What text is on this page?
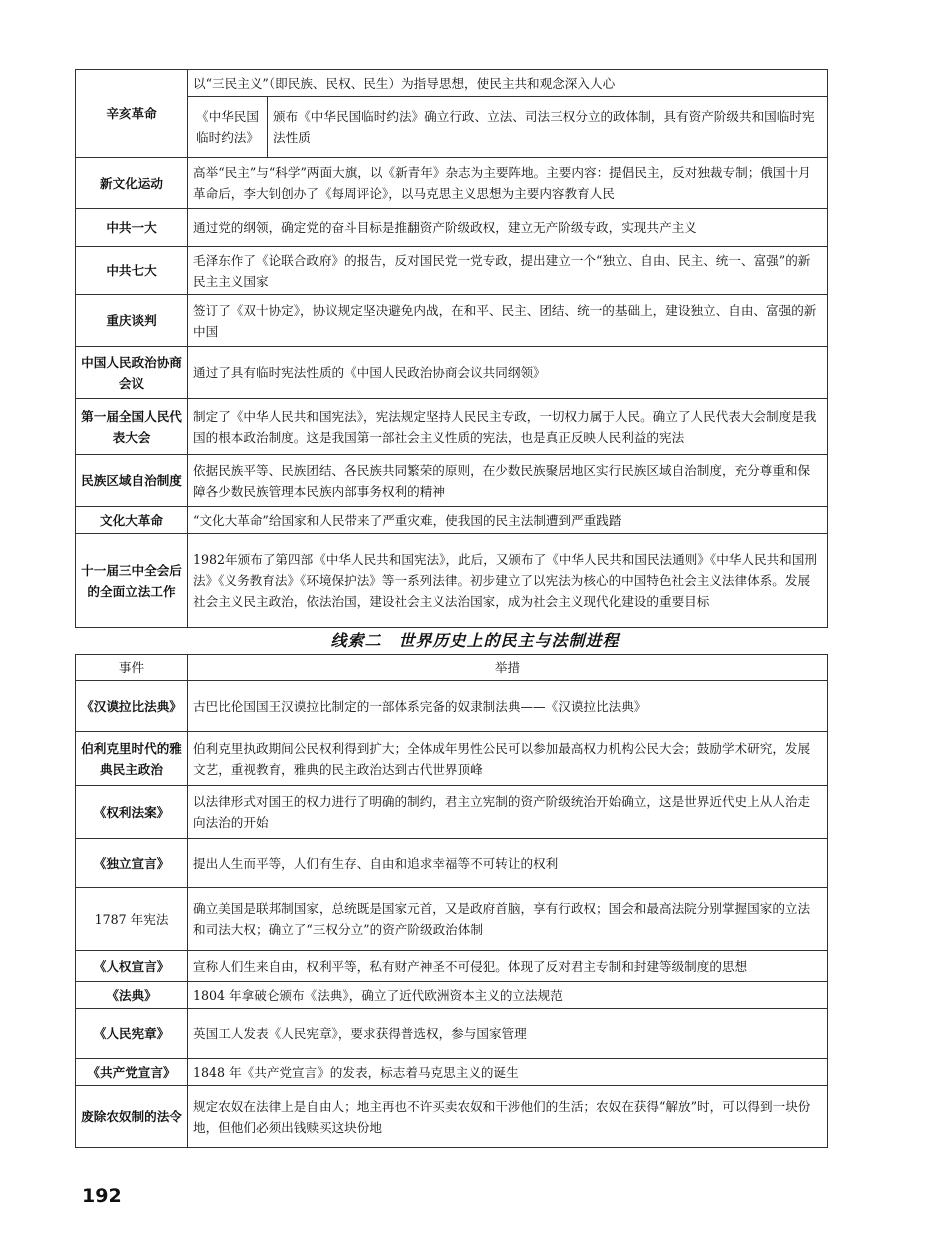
辛亥革命	以“三民主义”（即民族、民权、民生）为指导思想，使民主共和观念深入人心	
	《中华民国临时约法》	颁布《中华民国临时约法》确立行政、立法、司法三权分立的政体制，具有资产阶级共和国临时宪法性质
新文化运动	高举“民主”与“科学”两面大旗，以《新青年》杂志为主要阵地。主要内容：提倡民主，反对独裁专制；俄国十月革命后，李大钊创办了《每周评论》，以马克思主义思想为主要内容教育人民	
中共一大	通过党的纲领，确定党的奋斗目标是推翻资产阶级政权，建立无产阶级专政，实现共产主义	
中共七大	毛泽东作了《论联合政府》的报告，反对国民党一党专政，提出建立一个“独立、自由、民主、统一、富强”的新民主主义国家	
重庆谈判	签订了《双十协定》，协议规定坚决避免内战，在和平、民主、团结、统一的基础上，建设独立、自由、富强的新中国	
中国人民政治协商会议	通过了具有临时宪法性质的《中国人民政治协商会议共同纲领》	
第一届全国人民代表大会	制定了《中华人民共和国宪法》，宪法规定坚持人民民主专政，一切权力属于人民。确立了人民代表大会制度是我国的根本政治制度。这是我国第一部社会主义性质的宪法，也是真正反映人民利益的宪法	
民族区域自治制度	依据民族平等、民族团结、各民族共同繁荣的原则，在少数民族聚居地区实行民族区域自治制度，充分尊重和保障各少数民族管理本民族内部事务权利的精神	
文化大革命	“文化大革命”给国家和人民带来了严重灾难，使我国的民主法制遭到严重践踏	
十一届三中全会后的全面立法工作	1982年颁布了第四部《中华人民共和国宪法》，此后，又颁布了《中华人民共和国民法通则》《中华人民共和国刑法》《义务教育法》《环境保护法》等一系列法律。初步建立了以宪法为核心的中国特色社会主义法律体系。发展社会主义民主政治，依法治国，建设社会主义法治国家，成为社会主义现代化建设的重要目标	
线索二　世界历史上的民主与法制进程
事件	举措
《汉谟拉比法典》	古巴比伦国国王汉谟拉比制定的一部体系完备的奴隶制法典——《汉谟拉比法典》
伯利克里时代的雅典民主政治	伯利克里执政期间公民权利得到扩大；全体成年男性公民可以参加最高权力机构公民大会；鼓励学术研究，发展文艺，重视教育，雅典的民主政治达到古代世界顶峰
《权利法案》	以法律形式对国王的权力进行了明确的制约，君主立宪制的资产阶级统治开始确立，这是世界近代史上从人治走向法治的开始
《独立宣言》	提出人生而平等，人们有生存、自由和追求幸福等不可转让的权利
1787 年宪法	确立美国是联邦制国家，总统既是国家元首，又是政府首脑，享有行政权；国会和最高法院分别掌握国家的立法和司法大权；确立了“三权分立”的资产阶级政治体制
《人权宣言》	宣称人们生来自由，权利平等，私有财产神圣不可侵犯。体现了反对君主专制和封建等级制度的思想
《法典》	1804 年拿破仑颁布《法典》，确立了近代欧洲资本主义的立法规范
《人民宪章》	英国工人发表《人民宪章》，要求获得普选权，参与国家管理
《共产党宣言》	1848 年《共产党宣言》的发表，标志着马克思主义的诞生
废除农奴制的法令	规定农奴在法律上是自由人；地主再也不许买卖农奴和干涉他们的生活；农奴在获得“解放”时，可以得到一块份地，但他们必须出钱赎买这块份地
192
